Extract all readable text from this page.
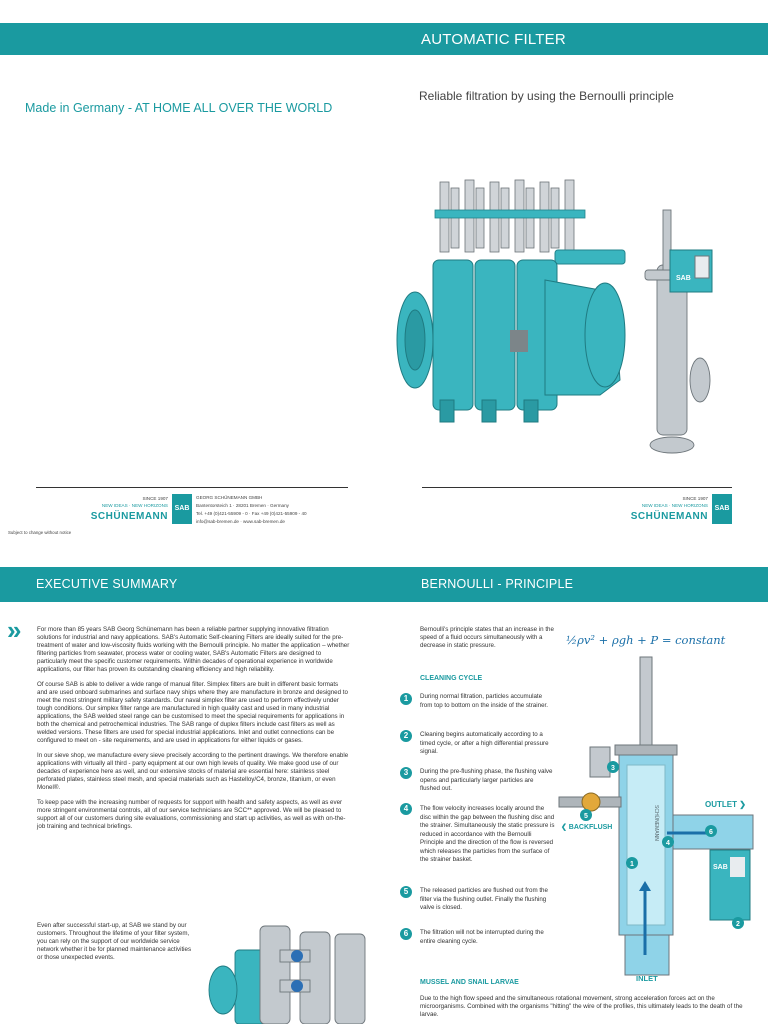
AUTOMATIC FILTER
Made in Germany - AT HOME ALL OVER THE WORLD
Reliable filtration by using the Bernoulli principle
SAB
SINCE 1907
NEW IDEAS · NEW HORIZONS
SCHÜNEMANN
SAB
GEORG SCHÜNEMANN GMBH
Bantentorsteich 1 · 28201 Bremen · Germany
Tel. +49 (0)421-55909 - 0 · Fax +49 (0)421-55909 - 40
info@sab-bremen.de · www.sab-bremen.de
Subject to change without notice
SINCE 1907
NEW IDEAS · NEW HORIZONS
SCHÜNEMANN
SAB
EXECUTIVE SUMMARY	BERNOULLI - PRINCIPLE
»	For more than 85 years SAB Georg Schünemann has been a reliable partner supplying innovative filtration solutions for industrial and navy applications. SAB's Automatic Self-cleaning Filters are ideally suited for the pre-treatment of water and low-viscosity fluids working with the Bernoulli principle. No matter the application – whether filtering particles from seawater, process water or cooling water, SAB's Automatic Filters are designed to particularly meet the specific customer requirements. Within decades of operational experience in worldwide applications, our filter has proven its outstanding cleaning efficiency and high reliability.

Of course SAB is able to deliver a wide range of manual filter. Simplex filters are built in different basic formats and are used onboard submarines and surface navy ships where they are manufacture in bronze and designed to meet the most stringent military safety standards. Our naval simplex filter are used to perform effectively under tough conditions. Our simplex filter range are manufactured in high quality cast and used in many industrial applications, the SAB welded steel range can be customised to meet the special requirements for applications in both the chemical and petrochemical industries. The SAB range of duplex filters include cast filters as well as welded versions. These filters are used for special industrial applications. Inlet and outlet connections can be configured to meet on - site requirements, and are used in applications for either liquids or gases.

In our sieve shop, we manufacture every sieve precisely according to the pertinent drawings. We therefore enable applications with virtually all third - party equipment at our own high levels of quality. We make good use of our decades of experience here as well, and our extensive stocks of material are essential here: stainless steel perforated plates, stainless steel mesh, and special materials such as Hastelloy/C4, bronze, titanium, or even Monel®.

To keep pace with the increasing number of requests for support with health and safety aspects, as well as ever more stringent environmental controls, all of our service technicians are SCC** approved. We will be pleased to support all of our customers during site evaluations, commissioning and start up activities, as well as with on-the-job training and technical briefings.

Even after successful start-up, at SAB we stand by our customers. Throughout the lifetime of your filter system, you can rely on the support of our worldwide service network whether it be for planned maintenance activities or those unexpected events.
Bernoulli's principle states that an increase in the speed of a fluid occurs simultaneously with a decrease in static pressure.	½ρv² + ρgh + P = constant
CLEANING CYCLE
1	During normal filtration, particles accumulate from top to bottom on the inside of the strainer.
2	Cleaning begins automatically according to a timed cycle, or after a high differential pressure signal.
3	During the pre-flushing phase, the flushing valve opens and particularly larger particles are flushed out.
4	The flow velocity increases locally around the disc within the gap between the flushing disc and the strainer. Simultaneously the static pressure is reduced in accordance with the Bernoulli Principle and the direction of the flow is reversed which releases the particles from the surface of the strainer basket.
5	The released particles are flushed out from the filter via the flushing outlet. Finally the flushing valve is closed.
6	The filtration will not be interrupted during the entire cleaning cycle.
SAB
1
2
3
4
5
6
SCHÜNEMANN
OUTLET ❯
❮ BACKFLUSH
INLET
MUSSEL AND SNAIL LARVAE
Due to the high flow speed and the simultaneous rotational movement, strong acceleration forces act on the microorganisms. Combined with the organisms "hitting" the wire of the profiles, this ultimately leads to the death of the larvae.
